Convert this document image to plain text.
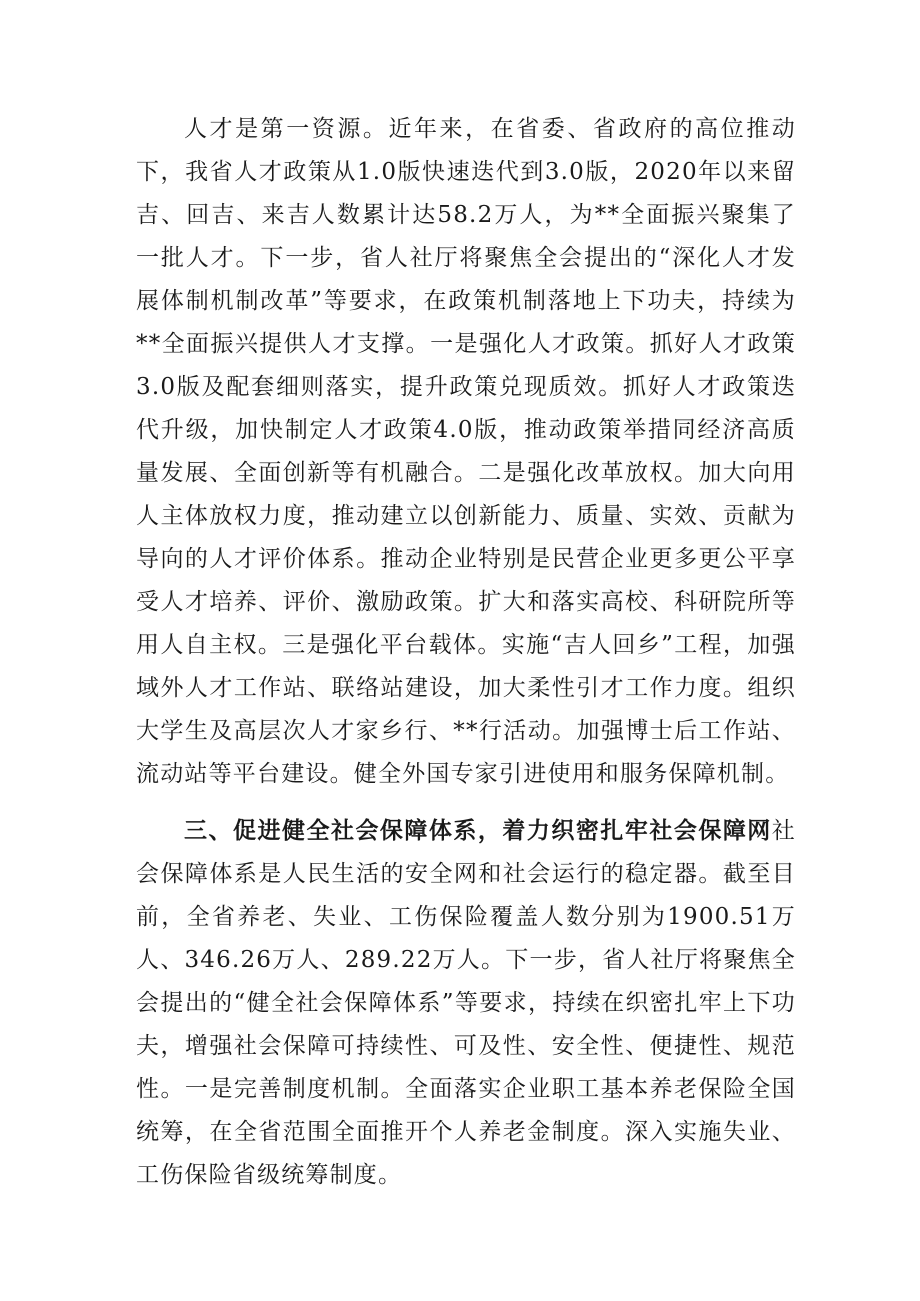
人才是第一资源。近年来，在省委、省政府的高位推动下，我省人才政策从1.0版快速迭代到3.0版，2020年以来留吉、回吉、来吉人数累计达58.2万人，为**全面振兴聚集了一批人才。下一步，省人社厅将聚焦全会提出的“深化人才发展体制机制改革”等要求，在政策机制落地上下功夫，持续为**全面振兴提供人才支撑。一是强化人才政策。抓好人才政策3.0版及配套细则落实，提升政策兑现质效。抓好人才政策迭代升级，加快制定人才政策4.0版，推动政策举措同经济高质量发展、全面创新等有机融合。二是强化改革放权。加大向用人主体放权力度，推动建立以创新能力、质量、实效、贡献为导向的人才评价体系。推动企业特别是民营企业更多更公平享受人才培养、评价、激励政策。扩大和落实高校、科研院所等用人自主权。三是强化平台载体。实施“吉人回乡”工程，加强域外人才工作站、联络站建设，加大柔性引才工作力度。组织大学生及高层次人才家乡行、**行活动。加强博士后工作站、流动站等平台建设。健全外国专家引进使用和服务保障机制。

三、促进健全社会保障体系，着力织密扎牢社会保障网社会保障体系是人民生活的安全网和社会运行的稳定器。截至目前，全省养老、失业、工伤保险覆盖人数分别为1900.51万人、346.26万人、289.22万人。下一步，省人社厅将聚焦全会提出的“健全社会保障体系”等要求，持续在织密扎牢上下功夫，增强社会保障可持续性、可及性、安全性、便捷性、规范性。一是完善制度机制。全面落实企业职工基本养老保险全国统筹，在全省范围全面推开个人养老金制度。深入实施失业、工伤保险省级统筹制度。
